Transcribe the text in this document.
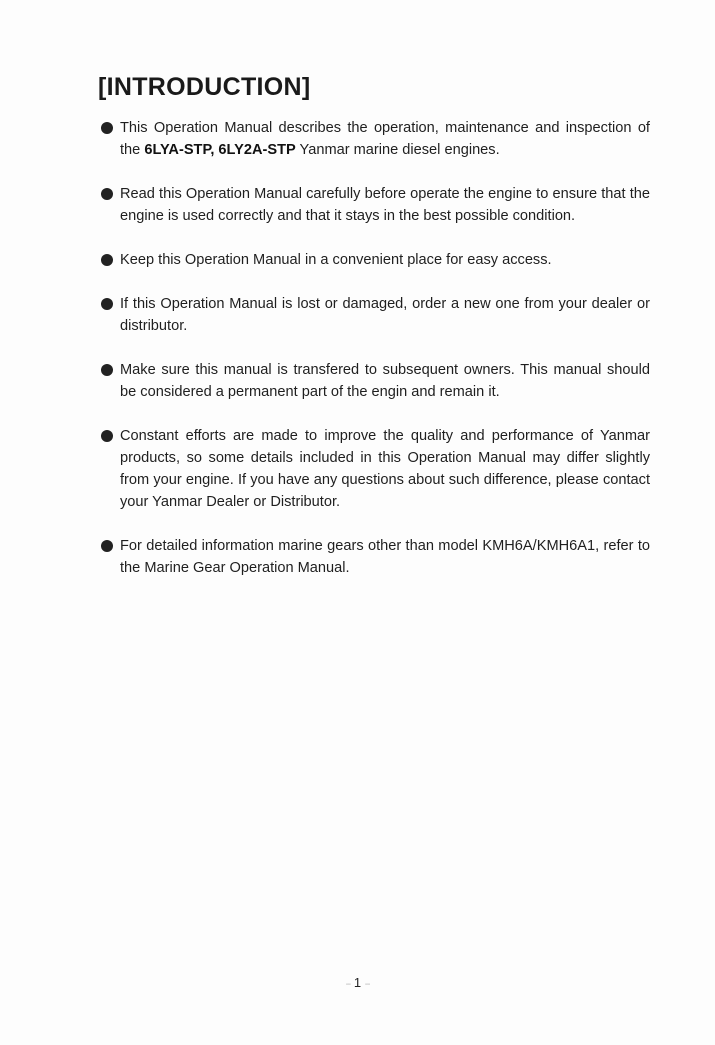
[INTRODUCTION]
This Operation Manual describes the operation, maintenance and inspection of the 6LYA-STP, 6LY2A-STP Yanmar marine diesel engines.
Read this Operation Manual carefully before operate the engine to ensure that the engine is used correctly and that it stays in the best possible condition.
Keep this Operation Manual in a convenient place for easy access.
If this Operation Manual is lost or damaged, order a new one from your dealer or distributor.
Make sure this manual is transfered to subsequent owners. This manual should be considered a permanent part of the engin and remain it.
Constant efforts are made to improve the quality and performance of Yanmar products, so some details included in this Operation Manual may differ slightly from your engine. If you have any questions about such difference, please contact your Yanmar Dealer or Distributor.
For detailed information marine gears other than model KMH6A/KMH6A1, refer to the Marine Gear Operation Manual.
-- 1 --
